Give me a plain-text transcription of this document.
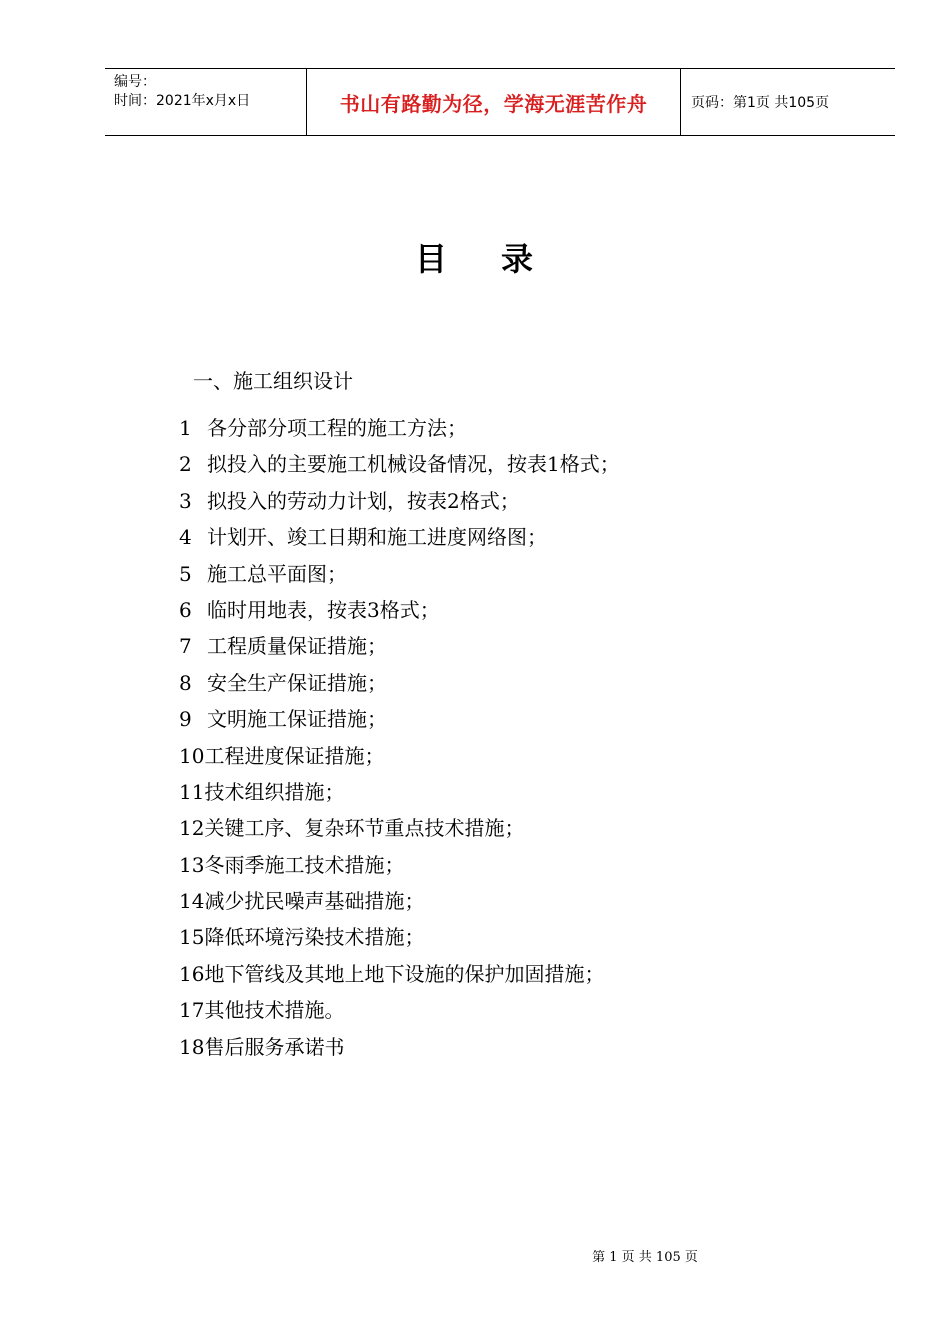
编号：
时间：2021年x月x日	书山有路勤为径，学海无涯苦作舟	页码：第1页 共105页
目 录
一、施工组织设计
1 各分部分项工程的施工方法；
2 拟投入的主要施工机械设备情况，按表1格式；
3 拟投入的劳动力计划，按表2格式；
4 计划开、竣工日期和施工进度网络图；
5 施工总平面图；
6 临时用地表，按表3格式；
7 工程质量保证措施；
8 安全生产保证措施；
9 文明施工保证措施；
10工程进度保证措施；
11技术组织措施；
12关键工序、复杂环节重点技术措施；
13冬雨季施工技术措施；
14减少扰民噪声基础措施；
15降低环境污染技术措施；
16地下管线及其地上地下设施的保护加固措施；
17其他技术措施。
18售后服务承诺书
第 1 页 共 105 页
